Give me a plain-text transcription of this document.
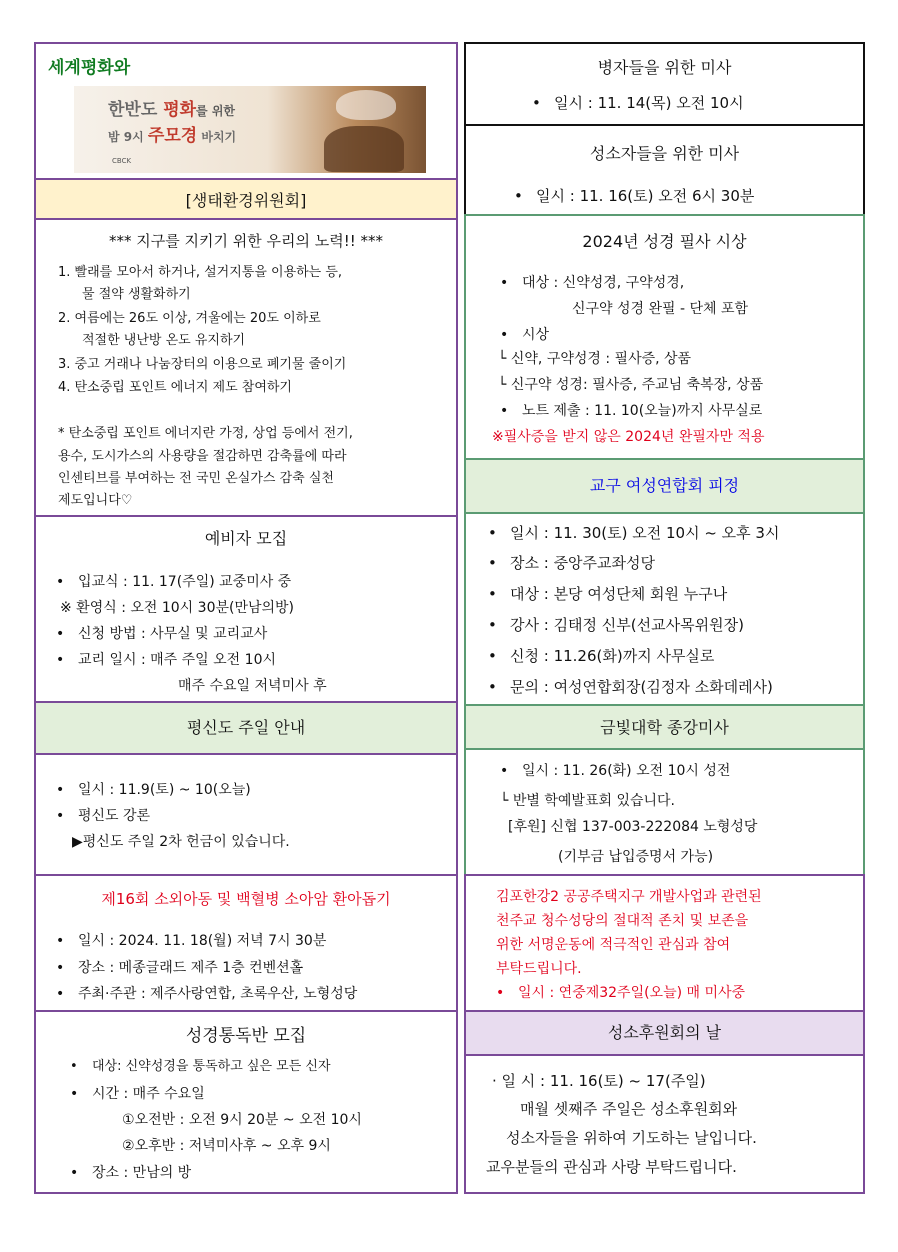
세계평화와
한반도 평화를 위한
밤 9시 주모경 바치기
CBCK
[생태환경위원회]
*** 지구를 지키기 위한 우리의 노력!! ***
1. 빨래를 모아서 하거나, 설거지통을 이용하는 등,
물 절약 생활화하기
2. 여름에는 26도 이상, 겨울에는 20도 이하로
적절한 냉난방 온도 유지하기
3. 중고 거래나 나눔장터의 이용으로 폐기물 줄이기
4. 탄소중립 포인트 에너지 제도 참여하기
* 탄소중립 포인트 에너지란 가정, 상업 등에서 전기,
용수, 도시가스의 사용량을 절감하면 감축률에 따라
인센티브를 부여하는 전 국민 온실가스 감축 실천
제도입니다♡
예비자 모집
• 입교식 : 11. 17(주일) 교중미사 중
※ 환영식 : 오전 10시 30분(만남의방)
• 신청 방법 : 사무실 및 교리교사
• 교리 일시 : 매주 주일 오전 10시
매주 수요일 저녁미사 후
평신도 주일 안내
• 일시 : 11.9(토) ~ 10(오늘)
• 평신도 강론
▶평신도 주일 2차 헌금이 있습니다.
제16회 소외아동 및 백혈병 소아암 환아돕기
• 일시 : 2024. 11. 18(월) 저녁 7시 30분
• 장소 : 메종글래드 제주 1층 컨벤션홀
• 주최·주관 : 제주사랑연합, 초록우산, 노형성당
성경통독반 모집
• 대상: 신약성경을 통독하고 싶은 모든 신자
• 시간 : 매주 수요일
①오전반 : 오전 9시 20분 ~ 오전 10시
②오후반 : 저녁미사후 ~ 오후 9시
• 장소 : 만남의 방
병자들을 위한 미사
• 일시 : 11. 14(목) 오전 10시
성소자들을 위한 미사
• 일시 : 11. 16(토) 오전 6시 30분
2024년 성경 필사 시상
• 대상 : 신약성경, 구약성경,
신구약 성경 완필 - 단체 포함
• 시상
└ 신약, 구약성경 : 필사증, 상품
└ 신구약 성경: 필사증, 주교님 축복장, 상품
• 노트 제출 : 11. 10(오늘)까지 사무실로
※필사증을 받지 않은 2024년 완필자만 적용
교구 여성연합회 피정
• 일시 : 11. 30(토) 오전 10시 ~ 오후 3시
• 장소 : 중앙주교좌성당
• 대상 : 본당 여성단체 회원 누구나
• 강사 : 김태정 신부(선교사목위원장)
• 신청 : 11.26(화)까지 사무실로
• 문의 : 여성연합회장(김정자 소화데레사)
금빛대학 종강미사
• 일시 : 11. 26(화) 오전 10시 성전
└ 반별 학예발표회 있습니다.
[후원] 신협 137-003-222084 노형성당
(기부금 납입증명서 가능)
김포한강2 공공주택지구 개발사업과 관련된
천주교 청수성당의 절대적 존치 및 보존을
위한 서명운동에 적극적인 관심과 참여
부탁드립니다.
• 일시 : 연중제32주일(오늘) 매 미사중
성소후원회의 날
· 일 시 : 11. 16(토) ~ 17(주일)
매월 셋째주 주일은 성소후원회와
성소자들을 위하여 기도하는 날입니다.
교우분들의 관심과 사랑 부탁드립니다.
